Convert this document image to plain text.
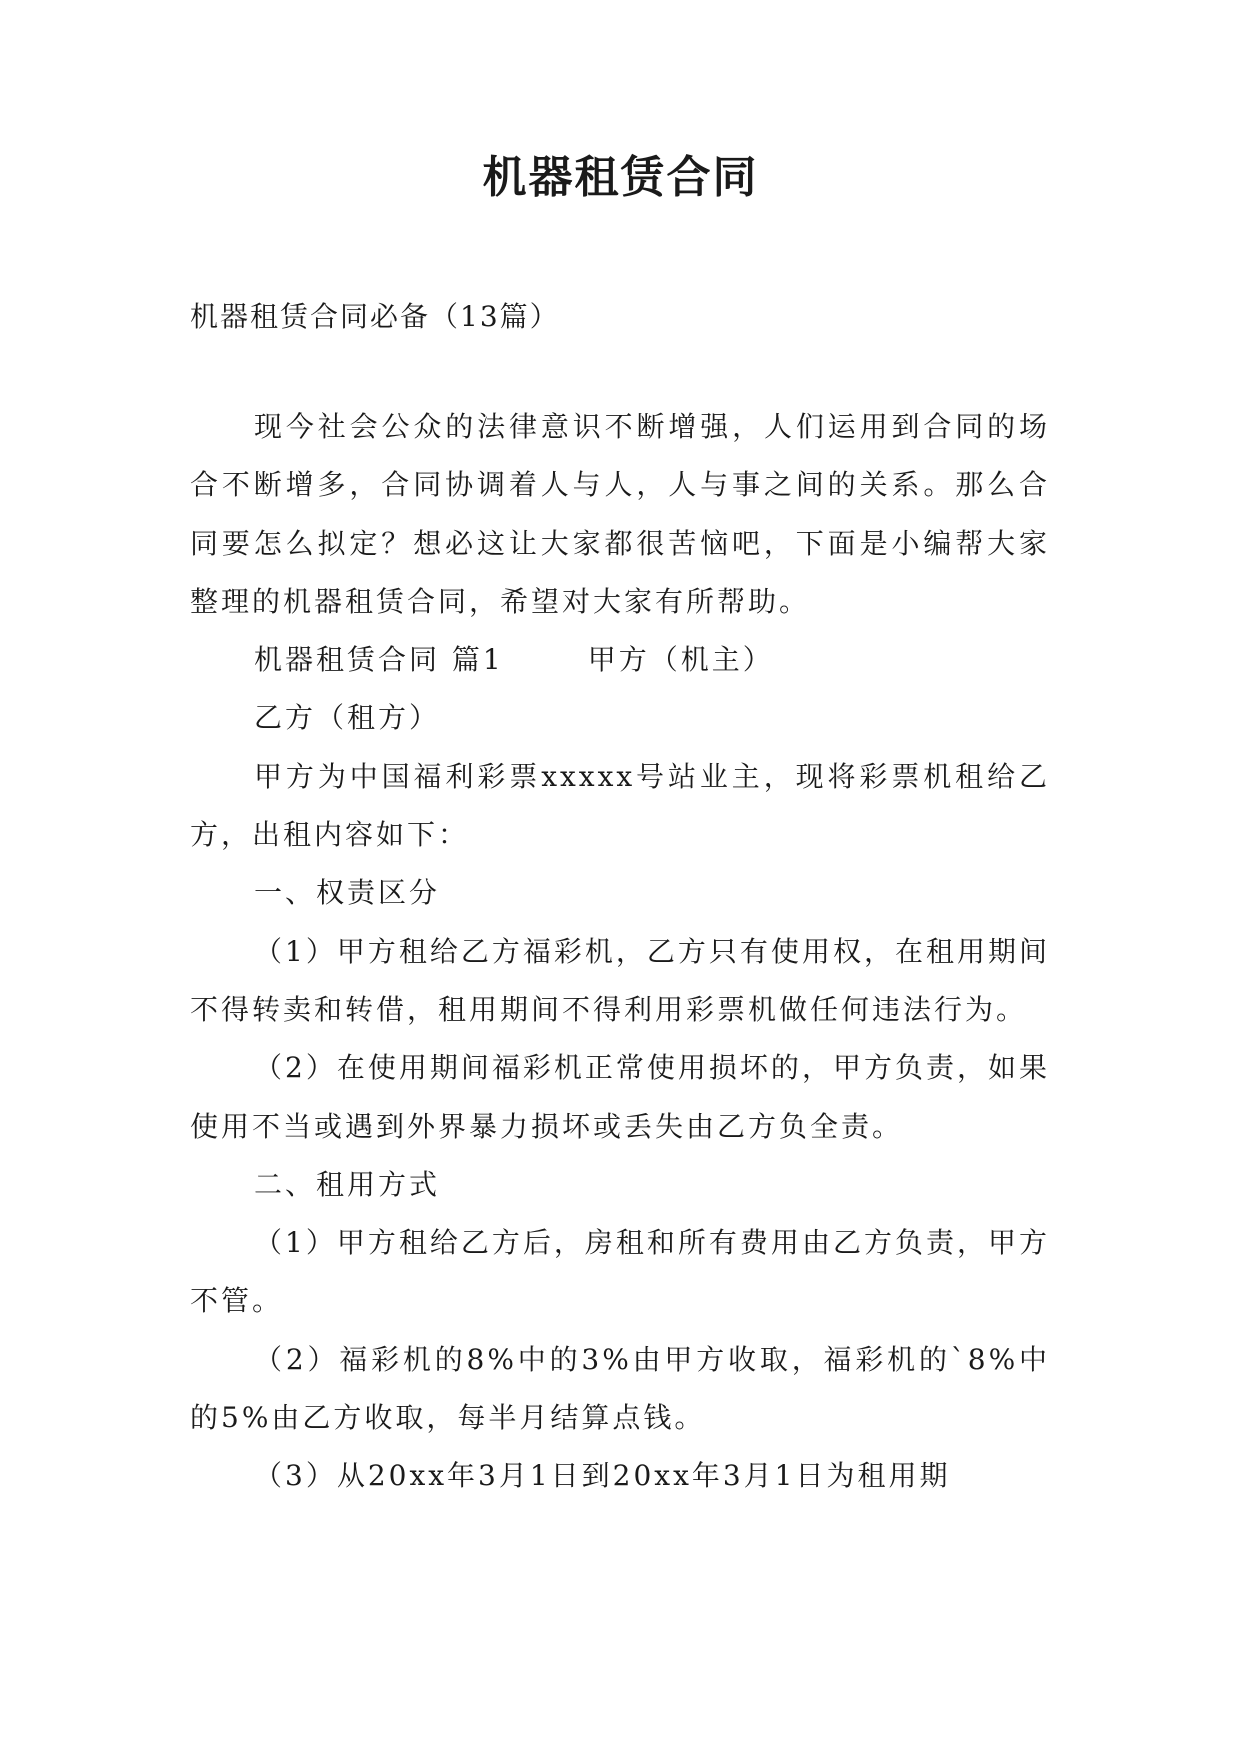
机器租赁合同
机器租赁合同必备（13篇）

现今社会公众的法律意识不断增强，人们运用到合同的场合不断增多，合同协调着人与人，人与事之间的关系。那么合同要怎么拟定？想必这让大家都很苦恼吧，下面是小编帮大家整理的机器租赁合同，希望对大家有所帮助。

机器租赁合同 篇1	甲方（机主）

乙方（租方）

甲方为中国福利彩票xxxxx号站业主，现将彩票机租给乙方，出租内容如下：

一、权责区分

（1）甲方租给乙方福彩机，乙方只有使用权，在租用期间不得转卖和转借，租用期间不得利用彩票机做任何违法行为。

（2）在使用期间福彩机正常使用损坏的，甲方负责，如果使用不当或遇到外界暴力损坏或丢失由乙方负全责。

二、租用方式

（1）甲方租给乙方后，房租和所有费用由乙方负责，甲方不管。

（2）福彩机的8%中的3%由甲方收取，福彩机的`8%中的5%由乙方收取，每半月结算点钱。

（3）从20xx年3月1日到20xx年3月1日为租用期
